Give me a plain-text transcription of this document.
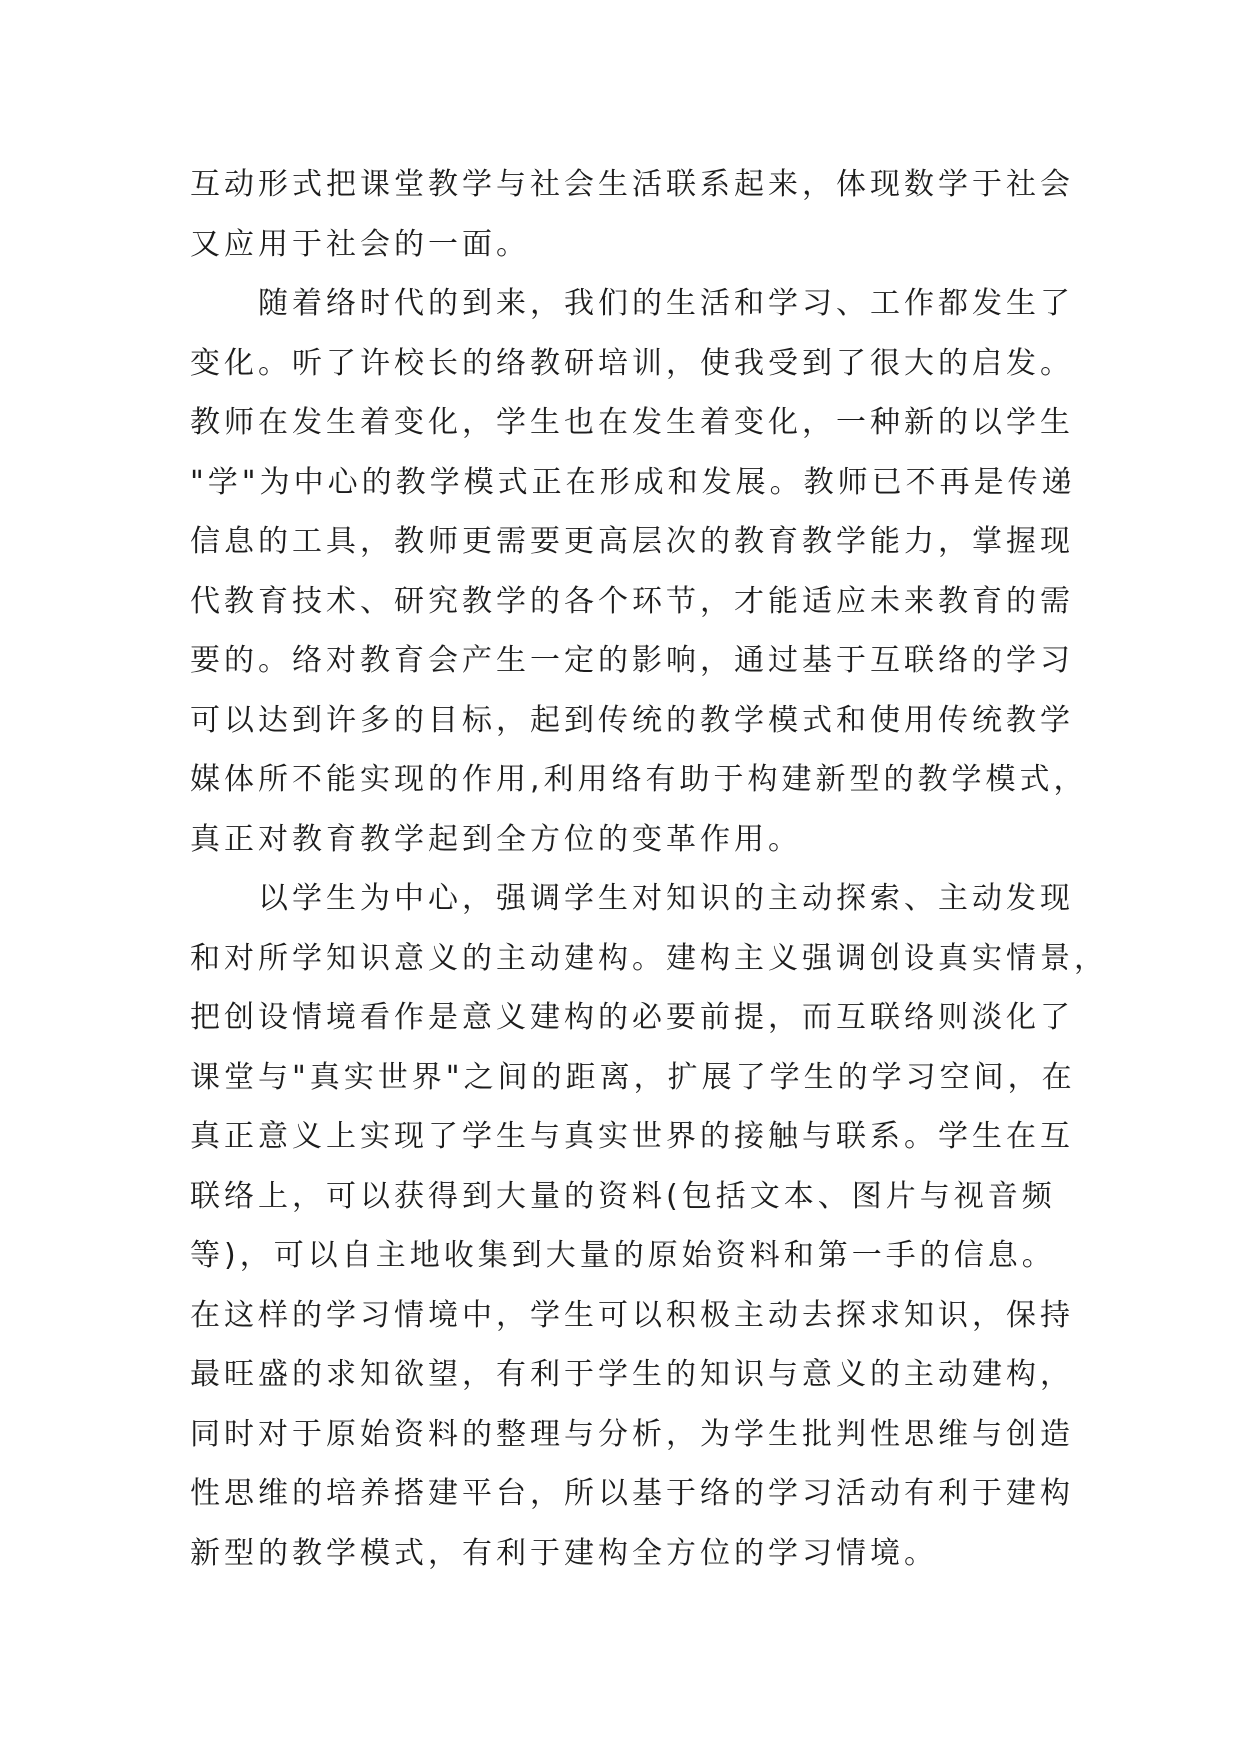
互动形式把课堂教学与社会生活联系起来，体现数学于社会
又应用于社会的一面。
随着络时代的到来，我们的生活和学习、工作都发生了
变化。听了许校长的络教研培训，使我受到了很大的启发。
教师在发生着变化，学生也在发生着变化，一种新的以学生
"学"为中心的教学模式正在形成和发展。教师已不再是传递
信息的工具，教师更需要更高层次的教育教学能力，掌握现
代教育技术、研究教学的各个环节，才能适应未来教育的需
要的。络对教育会产生一定的影响，通过基于互联络的学习
可以达到许多的目标，起到传统的教学模式和使用传统教学
媒体所不能实现的作用,利用络有助于构建新型的教学模式，
真正对教育教学起到全方位的变革作用。
以学生为中心，强调学生对知识的主动探索、主动发现
和对所学知识意义的主动建构。建构主义强调创设真实情景，
把创设情境看作是意义建构的必要前提，而互联络则淡化了
课堂与"真实世界"之间的距离，扩展了学生的学习空间，在
真正意义上实现了学生与真实世界的接触与联系。学生在互
联络上，可以获得到大量的资料(包括文本、图片与视音频
等)，可以自主地收集到大量的原始资料和第一手的信息。
在这样的学习情境中，学生可以积极主动去探求知识，保持
最旺盛的求知欲望，有利于学生的知识与意义的主动建构，
同时对于原始资料的整理与分析，为学生批判性思维与创造
性思维的培养搭建平台，所以基于络的学习活动有利于建构
新型的教学模式，有利于建构全方位的学习情境。
